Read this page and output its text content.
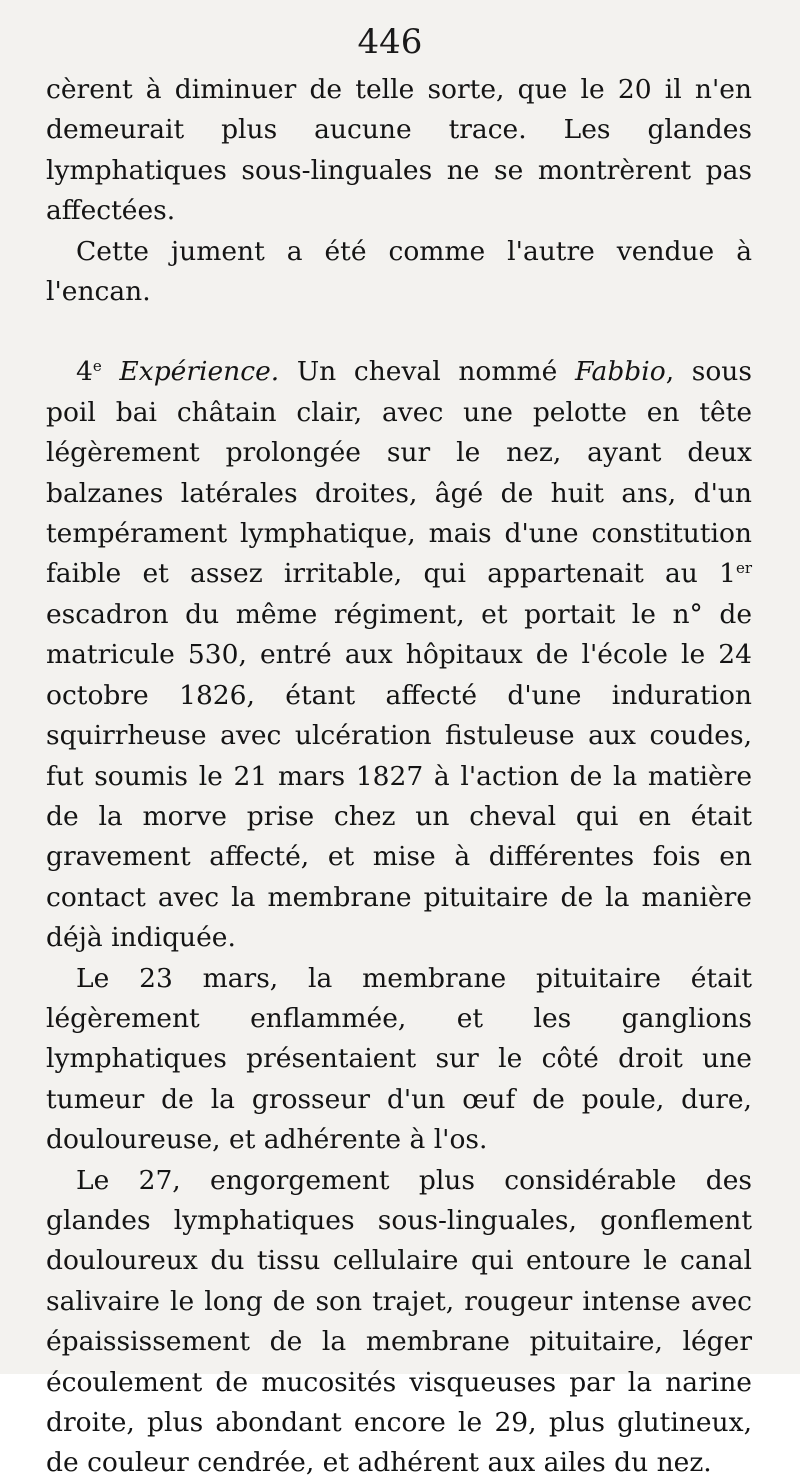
446

cèrent à diminuer de telle sorte, que le 20 il n'en demeurait plus aucune trace. Les glandes lymphatiques sous-linguales ne se montrèrent pas affectées.

Cette jument a été comme l'autre vendue à l'encan.

4e Expérience. Un cheval nommé Fabbio, sous poil bai châtain clair, avec une pelotte en tête légèrement prolongée sur le nez, ayant deux balzanes latérales droites, âgé de huit ans, d'un tempérament lymphatique, mais d'une constitution faible et assez irritable, qui appartenait au 1er escadron du même régiment, et portait le n° de matricule 530, entré aux hôpitaux de l'école le 24 octobre 1826, étant affecté d'une induration squirrheuse avec ulcération fistuleuse aux coudes, fut soumis le 21 mars 1827 à l'action de la matière de la morve prise chez un cheval qui en était gravement affecté, et mise à différentes fois en contact avec la membrane pituitaire de la manière déjà indiquée.

Le 23 mars, la membrane pituitaire était légèrement enflammée, et les ganglions lymphatiques présentaient sur le côté droit une tumeur de la grosseur d'un œuf de poule, dure, douloureuse, et adhérente à l'os.

Le 27, engorgement plus considérable des glandes lymphatiques sous-linguales, gonflement douloureux du tissu cellulaire qui entoure le canal salivaire le long de son trajet, rougeur intense avec épaississement de la membrane pituitaire, léger écoulement de mucosités visqueuses par la narine droite, plus abondant encore le 29, plus glutineux, de couleur cendrée, et adhérent aux ailes du nez.
